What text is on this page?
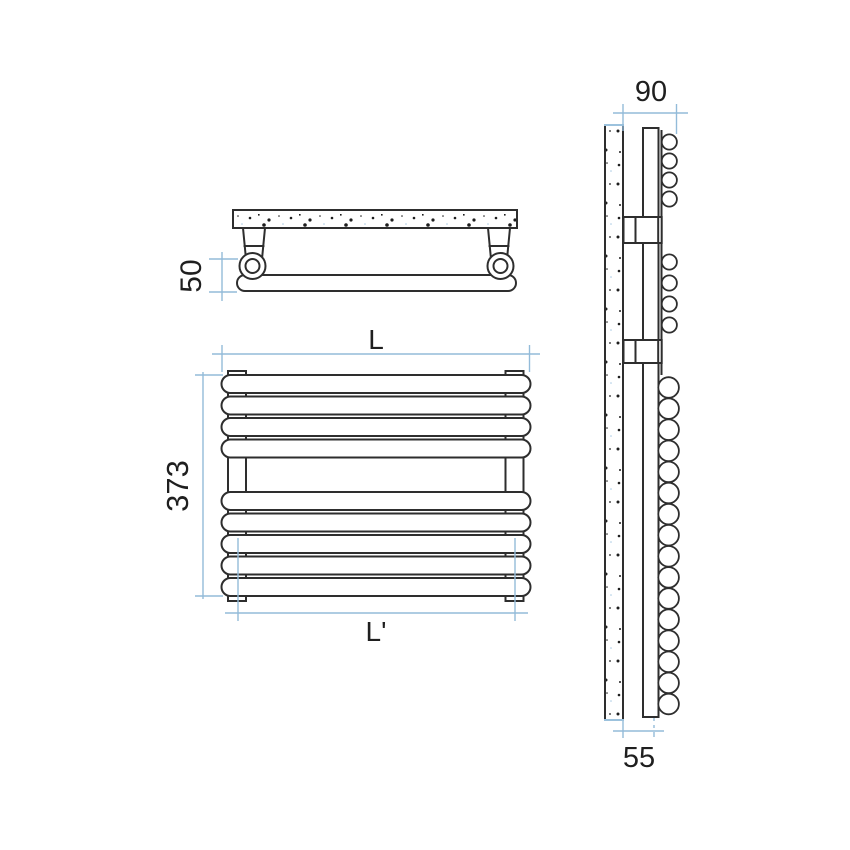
50
L
373
L'
90
55
